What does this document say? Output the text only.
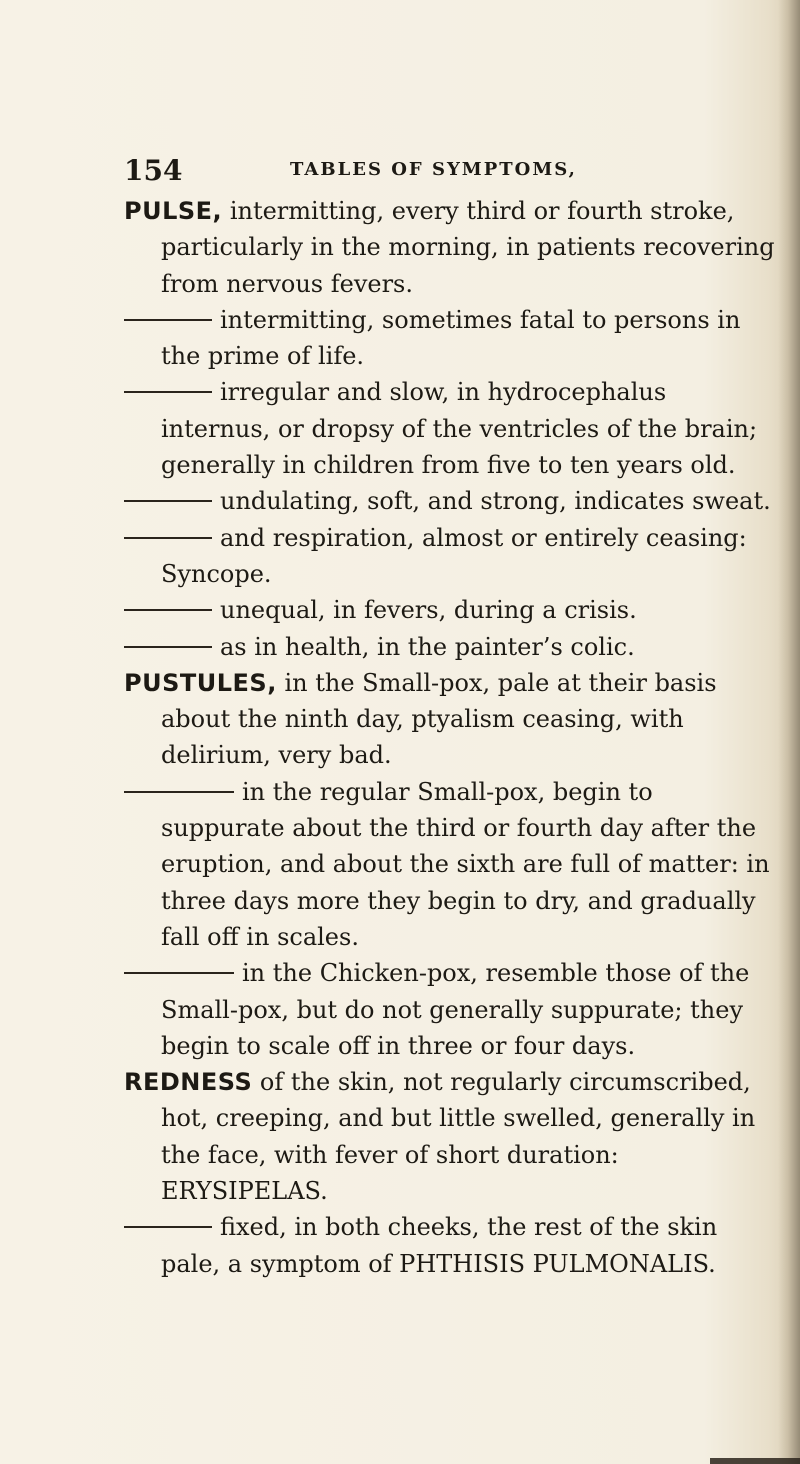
154	TABLES OF SYMPTOMS,

PULSE, intermitting, every third or fourth stroke, particularly in the morning, in patients recovering from nervous fevers.

intermitting, sometimes fatal to persons in the prime of life.

irregular and slow, in hydrocephalus internus, or dropsy of the ventricles of the brain; generally in children from five to ten years old.

undulating, soft, and strong, indicates sweat.

and respiration, almost or entirely ceasing: Syncope.

unequal, in fevers, during a crisis.

as in health, in the painter’s colic.

PUSTULES, in the Small-pox, pale at their basis about the ninth day, ptyalism ceasing, with delirium, very bad.

in the regular Small-pox, begin to suppurate about the third or fourth day after the eruption, and about the sixth are full of matter: in three days more they begin to dry, and gradually fall off in scales.

in the Chicken-pox, resemble those of the Small-pox, but do not generally suppurate; they begin to scale off in three or four days.

REDNESS of the skin, not regularly circumscribed, hot, creeping, and but little swelled, generally in the face, with fever of short duration: ERYSIPELAS.

fixed, in both cheeks, the rest of the skin pale, a symptom of PHTHISIS PULMONALIS.
